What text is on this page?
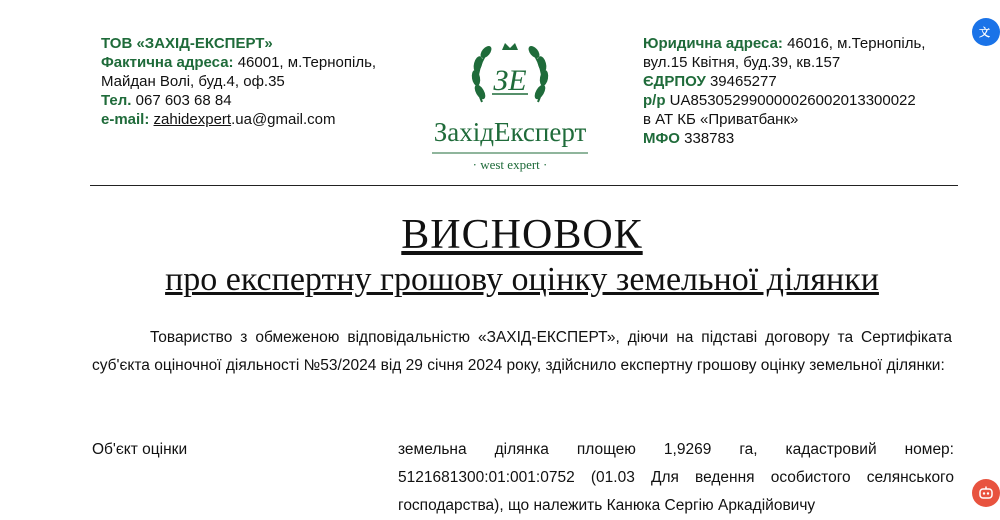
ТОВ «ЗАХІД-ЕКСПЕРТ»
Фактична адреса: 46001, м.Тернопіль, Майдан Волі, буд.4, оф.35
Тел. 067 603 68 84
e-mail: zahidexpert.ua@gmail.com
ЗЕ
ЗахідЕксперт
· west expert ·
Юридична адреса: 46016, м.Тернопіль, вул.15 Квітня, буд.39, кв.157
ЄДРПОУ 39465277
р/р UA853052990000026002013300022
в АТ КБ «Приватбанк»
МФО 338783
ВИСНОВОК
про експертну грошову оцінку земельної ділянки
Товариство з обмеженою відповідальністю «ЗАХІД-ЕКСПЕРТ», діючи на підставі договору та Сертифіката суб'єкта оціночної діяльності №53/2024 від 29 січня 2024 року, здійснило експертну грошову оцінку земельної ділянки:
Об'єкт оцінки	земельна ділянка площею 1,9269 га, кадастровий номер: 5121681300:01:001:0752 (01.03 Для ведення особистого селянського господарства), що належить Канюка Сергію Аркадійовичу
文
